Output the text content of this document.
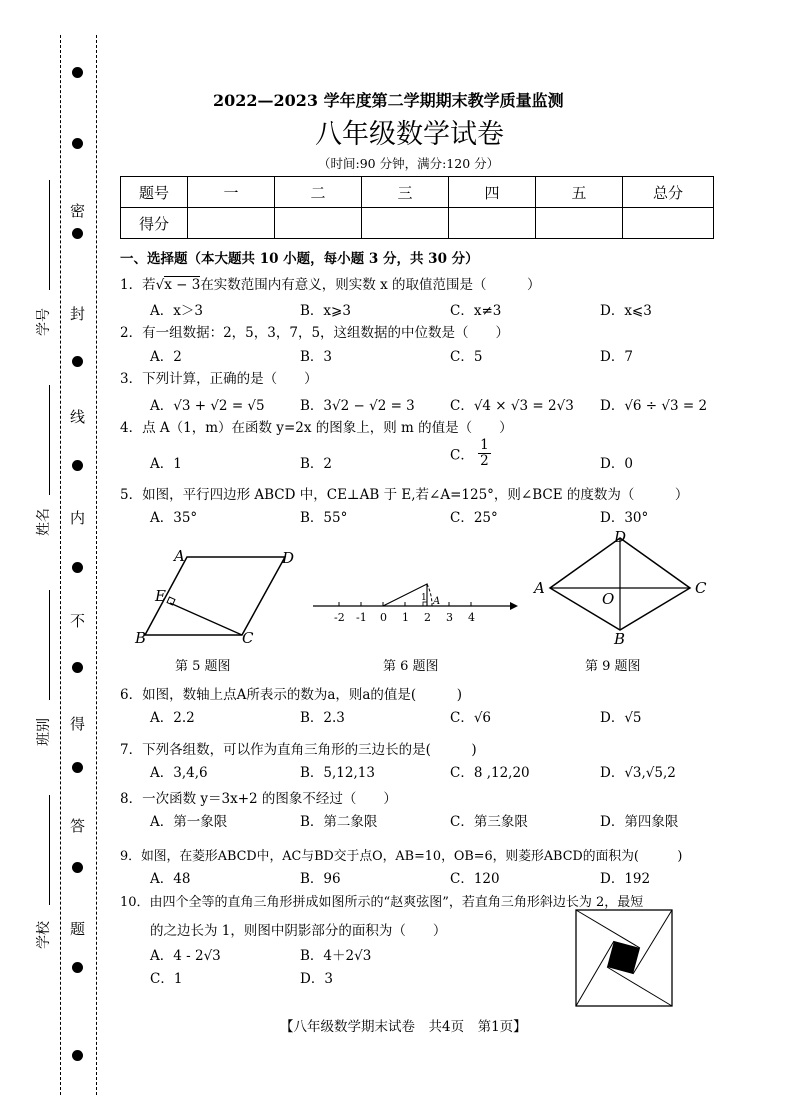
密
封
线
内
不
得
答
题
学号
姓名
班别
学校
2022—2023 学年度第二学期期末教学质量监测
八年级数学试卷
（时间:90 分钟，满分:120 分）
题号	一	二	三	四	五	总分
得分						
一、选择题（本大题共 10 小题，每小题 3 分，共 30 分）
1．若√x − 3在实数范围内有意义，则实数 x 的取值范围是（　　　）
A．x＞3	B．x⩾3	C．x≠3	D．x⩽3
2．有一组数据：2，5，3，7，5，这组数据的中位数是（　　）
A．2	B．3	C．5	D．7
3．下列计算，正确的是（　　）
A．√3 + √2 = √5	B．3√2 − √2 = 3	C．√4 × √3 = 2√3 D．√6 ÷ √3 = 2
4．点 A（1，m）在函数 y=2x 的图象上，则 m 的值是（　　）
A．1	B．2
C． $\frac{1}{2}$	D．0
5．如图，平行四边形 ABCD 中，CE⊥AB 于 E,若∠A=125°，则∠BCE 的度数为（　　　）
A．35°	B．55°	C．25°	D．30°
A	D
E
B	C
第 5 题图
1 A
-2 -1 0 1 2 3 4
第 6 题图
D
A	C
O
B
第 9 题图
6．如图，数轴上点A所表示的数为a，则a的值是(　　　)
A．2.2	B．2.3	C．√6	D．√5
7．下列各组数，可以作为直角三角形的三边长的是(　　　)
A．3,4,6	B．5,12,13	C．8 ,12,20	D．√3,√5,2
8．一次函数 y＝3x+2 的图象不经过（　　）
A．第一象限	B．第二象限	C．第三象限	D．第四象限
9．如图，在菱形ABCD中，AC与BD交于点O，AB=10，OB=6，则菱形ABCD的面积为(　　　)
A．48	B．96	C．120	D．192
10．由四个全等的直角三角形拼成如图所示的“赵爽弦图”，若直角三角形斜边长为 2，最短
的之边长为 1，则图中阴影部分的面积为（　　）
A．4 - 2√3	B．4＋2√3
C．1	D．3
【八年级数学期末试卷　共4页　第1页】
